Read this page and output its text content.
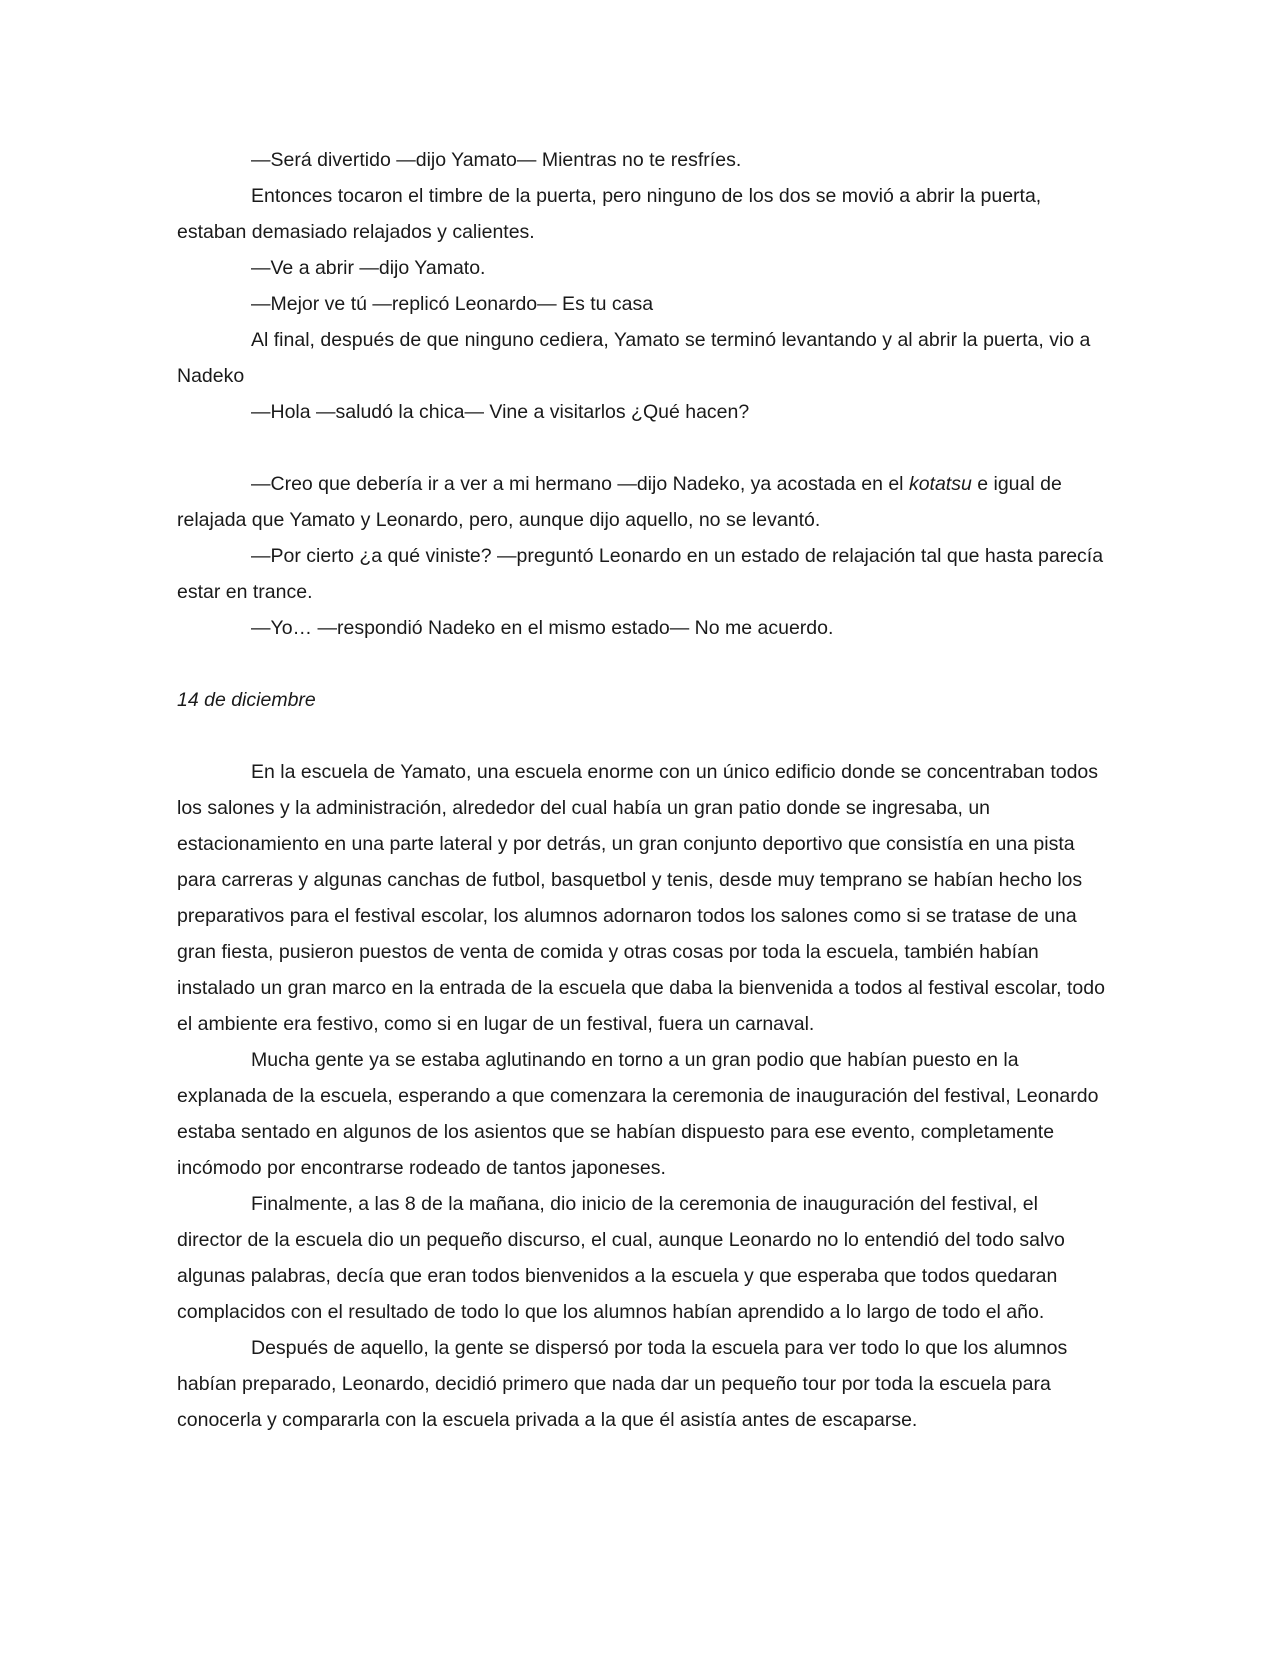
—Será divertido —dijo Yamato— Mientras no te resfríes.

Entonces tocaron el timbre de la puerta, pero ninguno de los dos se movió a abrir la puerta, estaban demasiado relajados y calientes.

—Ve a abrir —dijo Yamato.

—Mejor ve tú —replicó Leonardo— Es tu casa

Al final, después de que ninguno cediera, Yamato se terminó levantando y al abrir la puerta, vio a Nadeko

—Hola —saludó la chica— Vine a visitarlos ¿Qué hacen?

—Creo que debería ir a ver a mi hermano —dijo Nadeko, ya acostada en el kotatsu e igual de relajada que Yamato y Leonardo, pero, aunque dijo aquello, no se levantó.

—Por cierto ¿a qué viniste? —preguntó Leonardo en un estado de relajación tal que hasta parecía estar en trance.

—Yo… —respondió Nadeko en el mismo estado— No me acuerdo.

14 de diciembre

En la escuela de Yamato, una escuela enorme con un único edificio donde se concentraban todos los salones y la administración, alrededor del cual había un gran patio donde se ingresaba, un estacionamiento en una parte lateral y por detrás, un gran conjunto deportivo que consistía en una pista para carreras y algunas canchas de futbol, basquetbol y tenis, desde muy temprano se habían hecho los preparativos para el festival escolar, los alumnos adornaron todos los salones como si se tratase de una gran fiesta, pusieron puestos de venta de comida y otras cosas por toda la escuela, también habían instalado un gran marco en la entrada de la escuela que daba la bienvenida a todos al festival escolar, todo el ambiente era festivo, como si en lugar de un festival, fuera un carnaval.

Mucha gente ya se estaba aglutinando en torno a un gran podio que habían puesto en la explanada de la escuela, esperando a que comenzara la ceremonia de inauguración del festival, Leonardo estaba sentado en algunos de los asientos que se habían dispuesto para ese evento, completamente incómodo por encontrarse rodeado de tantos japoneses.

Finalmente, a las 8 de la mañana, dio inicio de la ceremonia de inauguración del festival, el director de la escuela dio un pequeño discurso, el cual, aunque Leonardo no lo entendió del todo salvo algunas palabras, decía que eran todos bienvenidos a la escuela y que esperaba que todos quedaran complacidos con el resultado de todo lo que los alumnos habían aprendido a lo largo de todo el año.

Después de aquello, la gente se dispersó por toda la escuela para ver todo lo que los alumnos habían preparado, Leonardo, decidió primero que nada dar un pequeño tour por toda la escuela para conocerla y compararla con la escuela privada a la que él asistía antes de escaparse.
